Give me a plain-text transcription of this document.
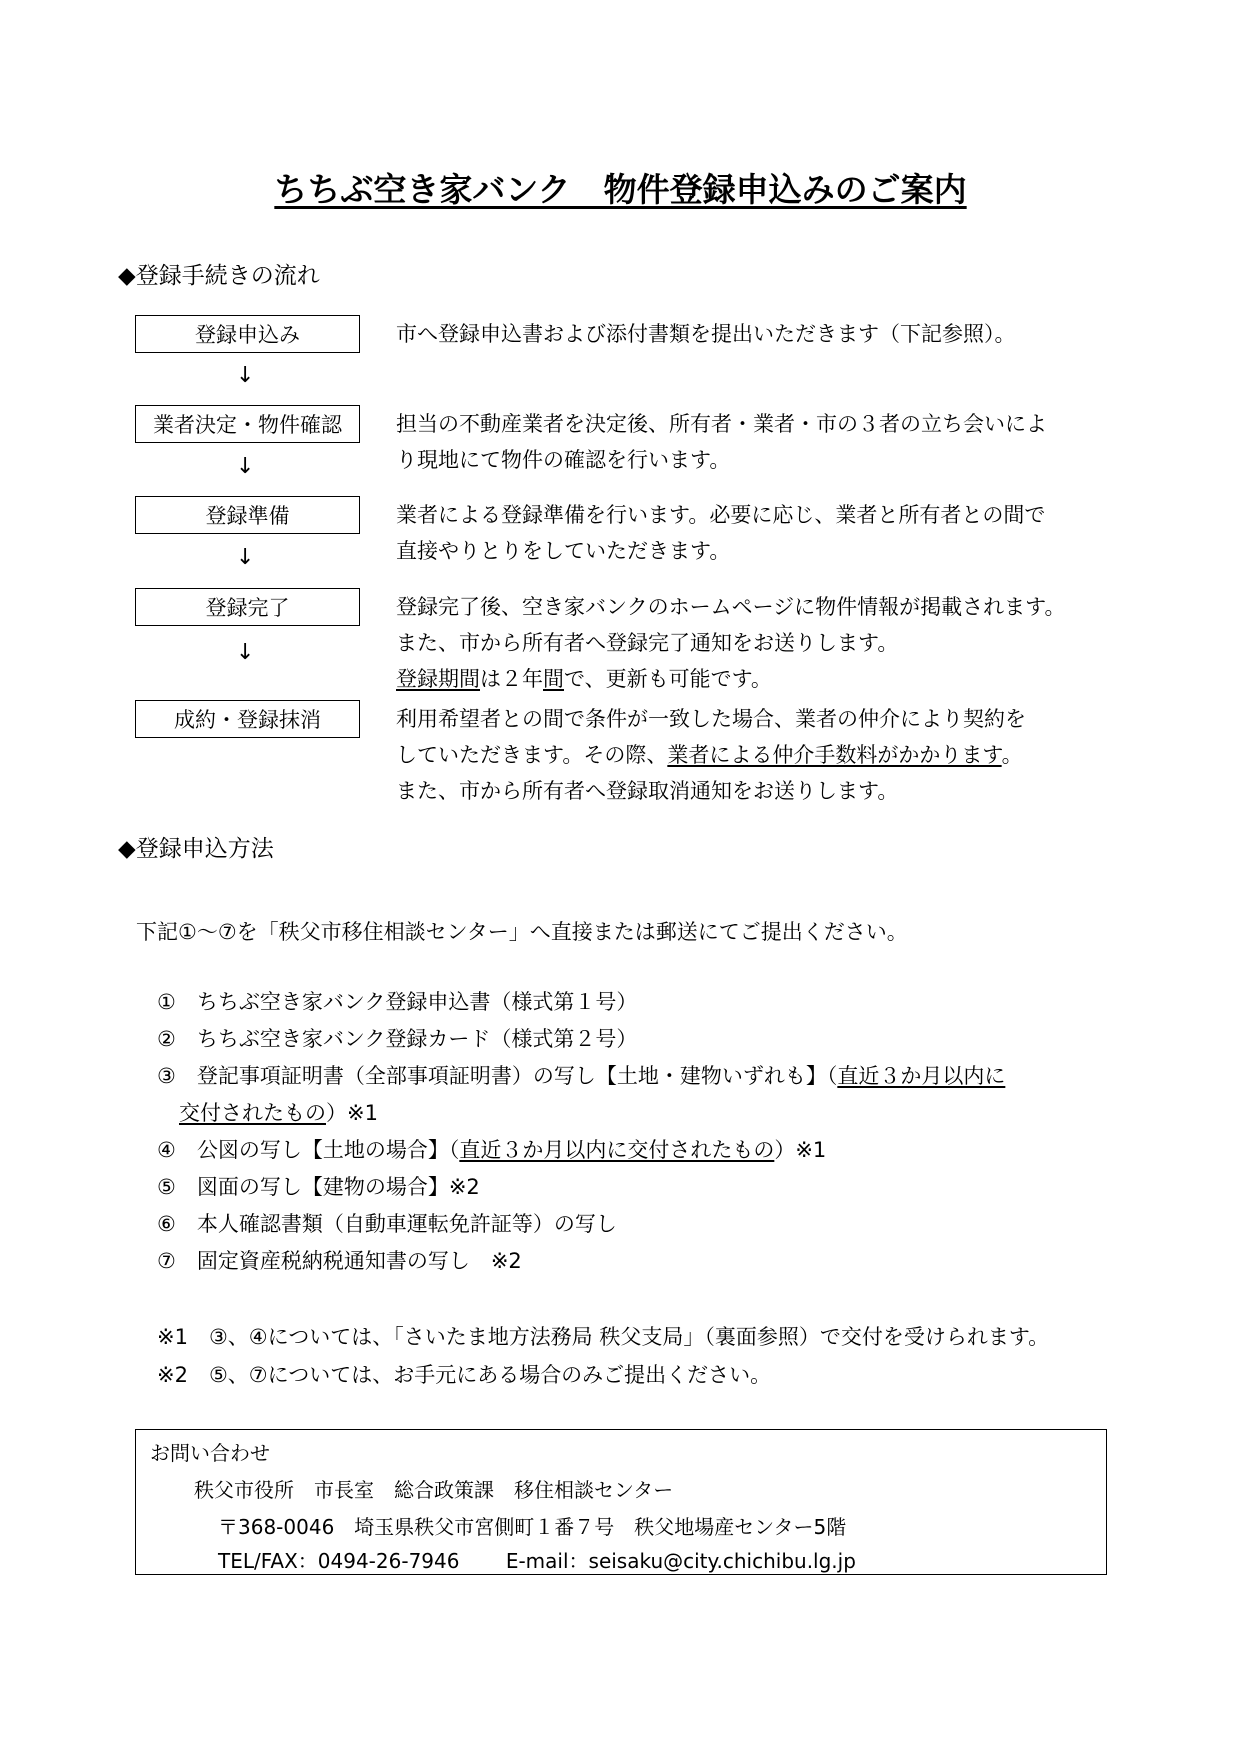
ちちぶ空き家バンク　物件登録申込みのご案内
◆登録手続きの流れ
登録申込み	市へ登録申込書および添付書類を提出いただきます（下記参照）。
↓
業者決定・物件確認	担当の不動産業者を決定後、所有者・業者・市の３者の立ち会いによ
り現地にて物件の確認を行います。
↓
登録準備	業者による登録準備を行います。必要に応じ、業者と所有者との間で
直接やりとりをしていただきます。
↓
登録完了	登録完了後、空き家バンクのホームページに物件情報が掲載されます。
また、市から所有者へ登録完了通知をお送りします。
登録期間は２年間で、更新も可能です。
↓
成約・登録抹消	利用希望者との間で条件が一致した場合、業者の仲介により契約を
していただきます。その際、業者による仲介手数料がかかります。
また、市から所有者へ登録取消通知をお送りします。
◆登録申込方法
下記①～⑦を「秩父市移住相談センター」へ直接または郵送にてご提出ください。
①　ちちぶ空き家バンク登録申込書（様式第１号）
②　ちちぶ空き家バンク登録カード（様式第２号）
③　登記事項証明書（全部事項証明書）の写し【土地・建物いずれも】（直近３か月以内に
交付されたもの）※1
④　公図の写し【土地の場合】（直近３か月以内に交付されたもの）※1
⑤　図面の写し【建物の場合】※2
⑥　本人確認書類（自動車運転免許証等）の写し
⑦　固定資産税納税通知書の写し　※2
※1　③、④については、「さいたま地方法務局 秩父支局」（裏面参照）で交付を受けられます。
※2　⑤、⑦については、お手元にある場合のみご提出ください。
お問い合わせ
秩父市役所　市長室　総合政策課　移住相談センター
〒368-0046　埼玉県秩父市宮側町１番７号　秩父地場産センター5階
TEL/FAX：0494-26-7946　　 E-mail：seisaku@city.chichibu.lg.jp
